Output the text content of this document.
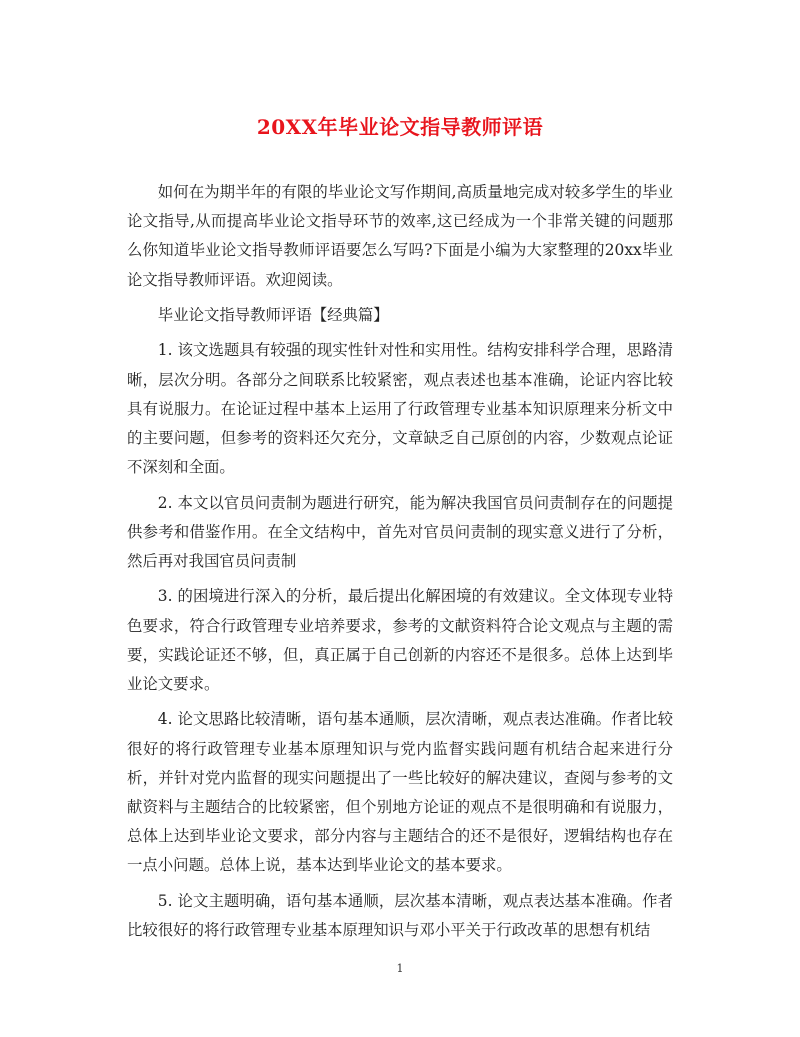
20XX年毕业论文指导教师评语

如何在为期半年的有限的毕业论文写作期间,高质量地完成对较多学生的毕业论文指导,从而提高毕业论文指导环节的效率,这已经成为一个非常关键的问题那么你知道毕业论文指导教师评语要怎么写吗?下面是小编为大家整理的20xx毕业论文指导教师评语。欢迎阅读。

毕业论文指导教师评语【经典篇】

1. 该文选题具有较强的现实性针对性和实用性。结构安排科学合理，思路清晰，层次分明。各部分之间联系比较紧密，观点表述也基本准确，论证内容比较具有说服力。在论证过程中基本上运用了行政管理专业基本知识原理来分析文中的主要问题，但参考的资料还欠充分，文章缺乏自己原创的内容，少数观点论证不深刻和全面。

2. 本文以官员问责制为题进行研究，能为解决我国官员问责制存在的问题提供参考和借鉴作用。在全文结构中，首先对官员问责制的现实意义进行了分析，然后再对我国官员问责制

3. 的困境进行深入的分析，最后提出化解困境的有效建议。全文体现专业特色要求，符合行政管理专业培养要求，参考的文献资料符合论文观点与主题的需要，实践论证还不够，但，真正属于自己创新的内容还不是很多。总体上达到毕业论文要求。

4. 论文思路比较清晰，语句基本通顺，层次清晰，观点表达准确。作者比较很好的将行政管理专业基本原理知识与党内监督实践问题有机结合起来进行分析，并针对党内监督的现实问题提出了一些比较好的解决建议，查阅与参考的文献资料与主题结合的比较紧密，但个别地方论证的观点不是很明确和有说服力，总体上达到毕业论文要求，部分内容与主题结合的还不是很好，逻辑结构也存在一点小问题。总体上说，基本达到毕业论文的基本要求。

5. 论文主题明确，语句基本通顺，层次基本清晰，观点表达基本准确。作者比较很好的将行政管理专业基本原理知识与邓小平关于行政改革的思想有机结

1
